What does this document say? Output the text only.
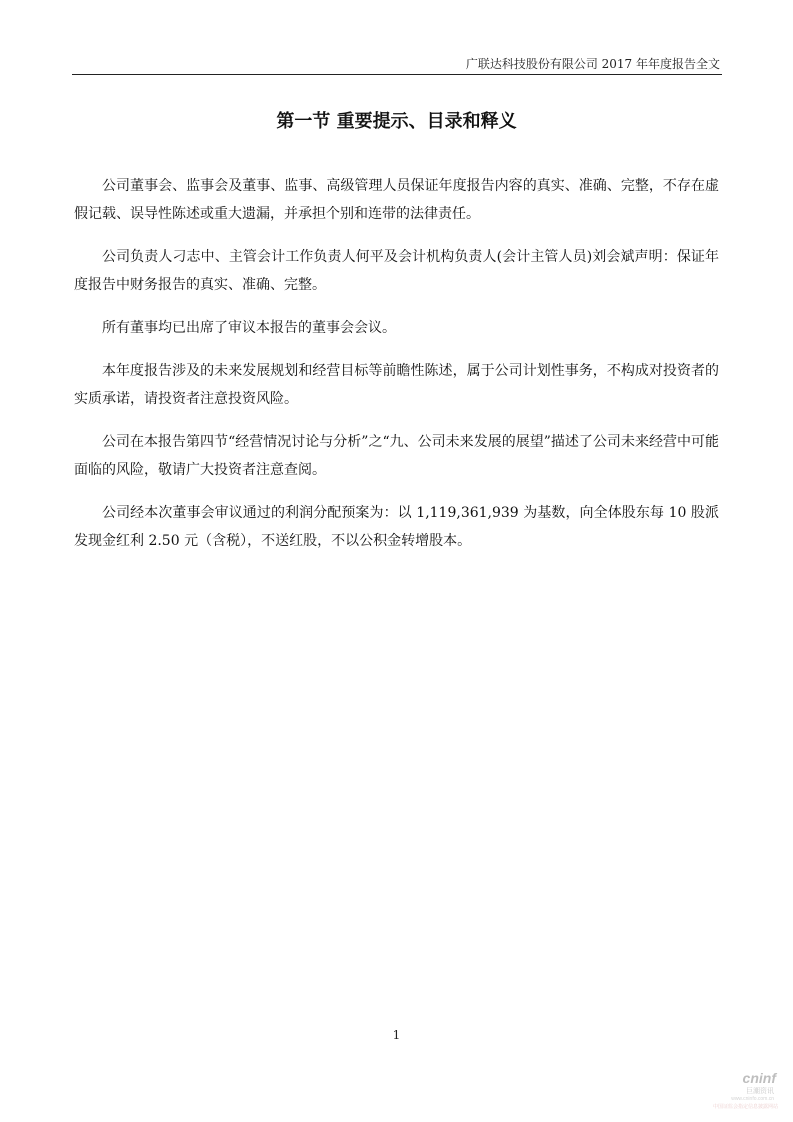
广联达科技股份有限公司 2017 年年度报告全文
第一节 重要提示、目录和释义

公司董事会、监事会及董事、监事、高级管理人员保证年度报告内容的真实、准确、完整，不存在虚假记载、误导性陈述或重大遗漏，并承担个别和连带的法律责任。

公司负责人刁志中、主管会计工作负责人何平及会计机构负责人(会计主管人员)刘会斌声明：保证年度报告中财务报告的真实、准确、完整。

所有董事均已出席了审议本报告的董事会会议。

本年度报告涉及的未来发展规划和经营目标等前瞻性陈述，属于公司计划性事务，不构成对投资者的实质承诺，请投资者注意投资风险。

公司在本报告第四节“经营情况讨论与分析”之“九、公司未来发展的展望”描述了公司未来经营中可能面临的风险，敬请广大投资者注意查阅。

公司经本次董事会审议通过的利润分配预案为：以 1,119,361,939 为基数，向全体股东每 10 股派发现金红利 2.50 元（含税），不送红股，不以公积金转增股本。

1
cninf
巨潮资讯
www.cninfo.com.cn
中国证监会指定信息披露网站
